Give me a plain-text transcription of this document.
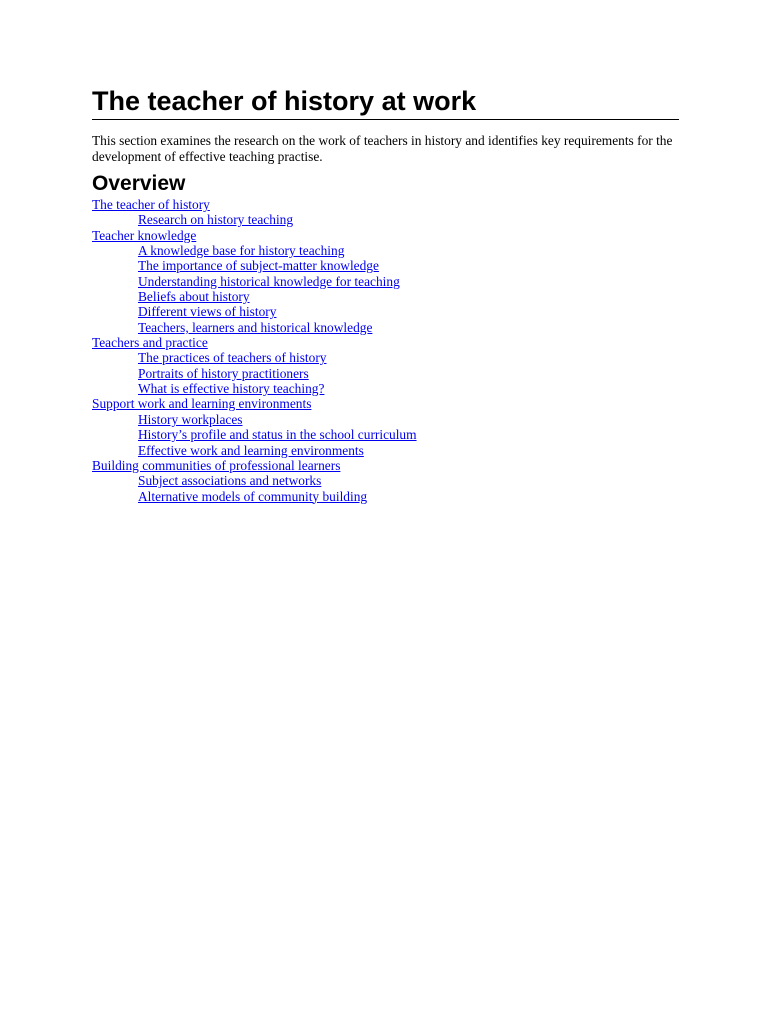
The teacher of history at work

This section examines the research on the work of teachers in history and identifies key requirements for the development of effective teaching practise.

Overview
The teacher of history
Research on history teaching
Teacher knowledge
A knowledge base for history teaching
The importance of subject-matter knowledge
Understanding historical knowledge for teaching
Beliefs about history
Different views of history
Teachers, learners and historical knowledge
Teachers and practice
The practices of teachers of history
Portraits of history practitioners
What is effective history teaching?
Support work and learning environments
History workplaces
History’s profile and status in the school curriculum
Effective work and learning environments
Building communities of professional learners
Subject associations and networks
Alternative models of community building
